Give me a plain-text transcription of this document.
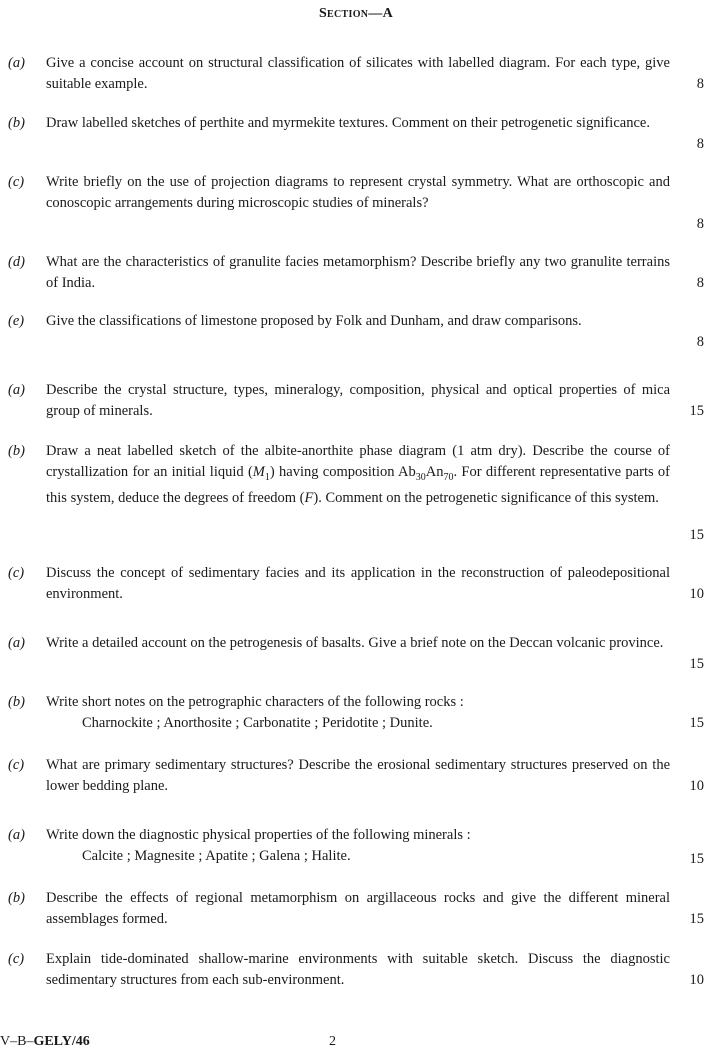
Section—A
(a) Give a concise account on structural classification of silicates with labelled diagram. For each type, give suitable example.	8
(b) Draw labelled sketches of perthite and myrmekite textures. Comment on their petrogenetic significance.
8
(c) Write briefly on the use of projection diagrams to represent crystal symmetry. What are orthoscopic and conoscopic arrangements during microscopic studies of minerals?
8
(d) What are the characteristics of granulite facies metamorphism? Describe briefly any two granulite terrains of India.	8
(e) Give the classifications of limestone proposed by Folk and Dunham, and draw comparisons.
8
(a) Describe the crystal structure, types, mineralogy, composition, physical and optical properties of mica group of minerals.	15
(b) Draw a neat labelled sketch of the albite-anorthite phase diagram (1 atm dry). Describe the course of crystallization for an initial liquid $(M_1)$ having composition $Ab_{30}An_{70}$. For different representative parts of this system, deduce the degrees of freedom (F). Comment on the petrogenetic significance of this system.
15
(c) Discuss the concept of sedimentary facies and its application in the reconstruction of paleodepositional environment.	10
(a) Write a detailed account on the petrogenesis of basalts. Give a brief note on the Deccan volcanic province.
15
(b) Write short notes on the petrographic characters of the following rocks :
Charnockite ; Anorthosite ; Carbonatite ; Peridotite ; Dunite.	15
(c) What are primary sedimentary structures? Describe the erosional sedimentary structures preserved on the lower bedding plane.	10
(a) Write down the diagnostic physical properties of the following minerals :
Calcite ; Magnesite ; Apatite ; Galena ; Halite.	15
(b) Describe the effects of regional metamorphism on argillaceous rocks and give the different mineral assemblages formed.	15
(c) Explain tide-dominated shallow-marine environments with suitable sketch. Discuss the diagnostic sedimentary structures from each sub-environment.	10
V–B–GELY/46	2
